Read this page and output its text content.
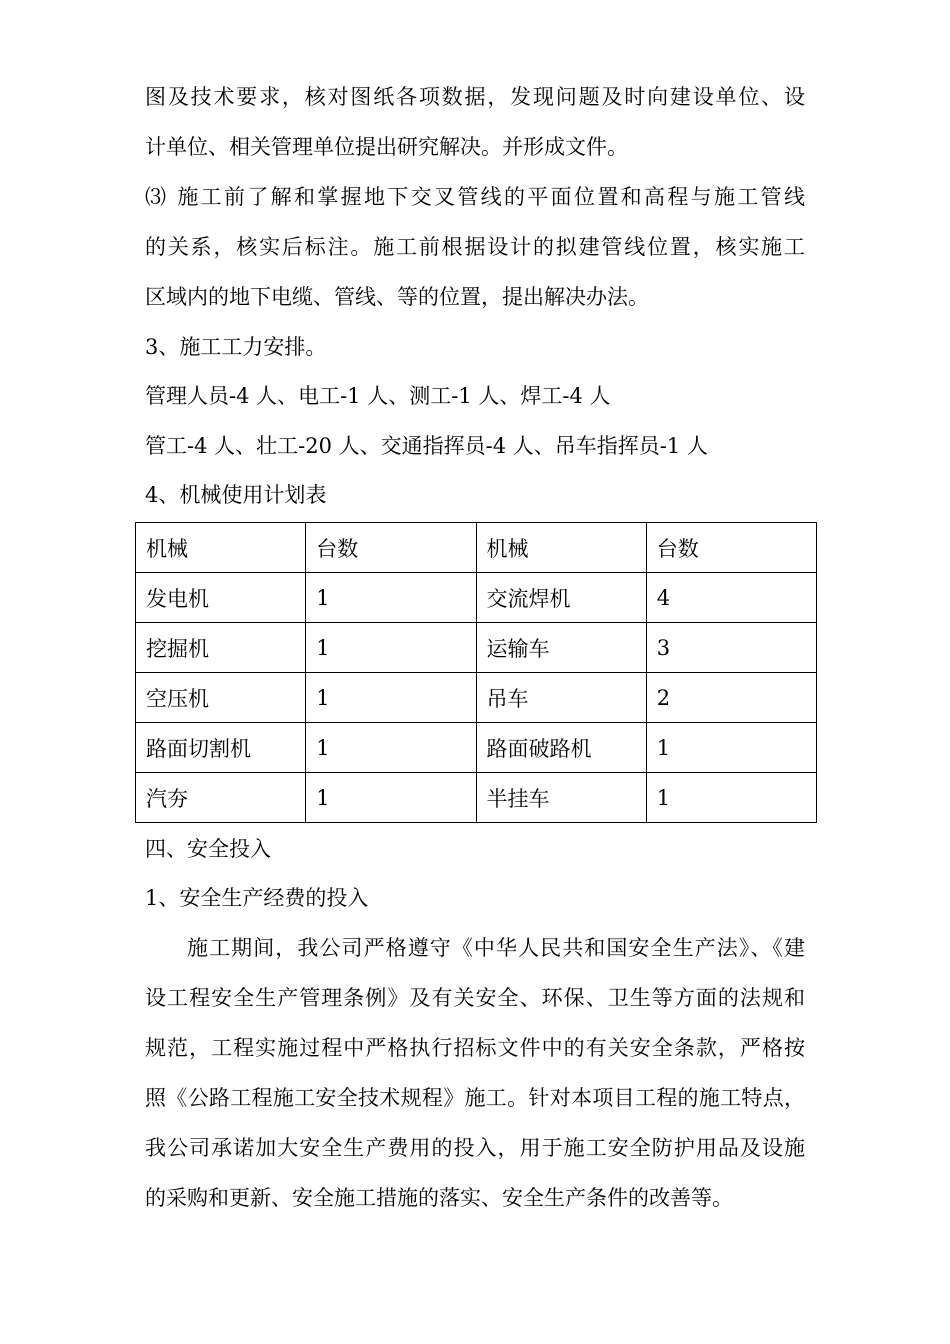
图及技术要求，核对图纸各项数据，发现问题及时向建设单位、设
计单位、相关管理单位提出研究解决。并形成文件。
⑶ 施工前了解和掌握地下交叉管线的平面位置和高程与施工管线
的关系，核实后标注。施工前根据设计的拟建管线位置，核实施工
区域内的地下电缆、管线、等的位置，提出解决办法。
3、施工工力安排。
管理人员-4 人、电工-1 人、测工-1 人、焊工-4 人
管工-4 人、壮工-20 人、交通指挥员-4 人、吊车指挥员-1 人
4、机械使用计划表
机械	台数	机械	台数
发电机	1	交流焊机	4
挖掘机	1	运输车	3
空压机	1	吊车	2
路面切割机	1	路面破路机	1
汽夯	1	半挂车	1
四、安全投入
1、安全生产经费的投入
施工期间，我公司严格遵守《中华人民共和国安全生产法》、《建
设工程安全生产管理条例》及有关安全、环保、卫生等方面的法规和
规范，工程实施过程中严格执行招标文件中的有关安全条款，严格按
照《公路工程施工安全技术规程》施工。针对本项目工程的施工特点，
我公司承诺加大安全生产费用的投入，用于施工安全防护用品及设施
的采购和更新、安全施工措施的落实、安全生产条件的改善等。
